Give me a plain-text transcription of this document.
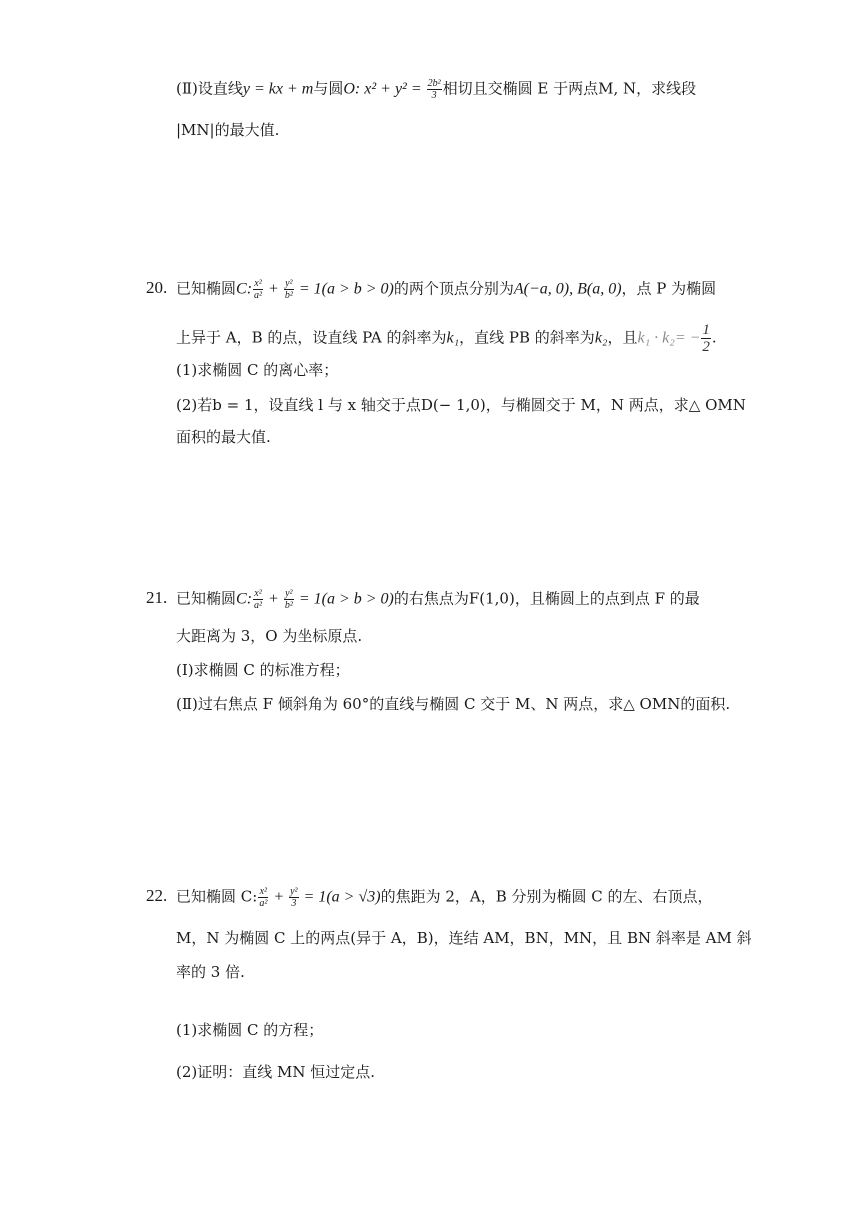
(Ⅱ)设直线y = kx + m与圆O: $x^2 + y^2 = \frac{\text{2b²}}{3}$ 相切且交椭圆 E 于两点M, N，求线段
|MN|的最大值.
20. 已知椭圆C: $\frac{\text{x²}}{\text{a²}} + \frac{\text{y²}}{\text{b²}} = 1(a > b > 0)$的两个顶点分别为A(−a, 0), B(a, 0)，点 P 为椭圆
上异于 A，B 的点，设直线 PA 的斜率为k₁，直线 PB 的斜率为k₂，且$k_1 \cdot k_2= - \frac{1}{2}$ .
(1)求椭圆 C 的离心率；
(2)若b = 1，设直线 l 与 x 轴交于点D(− 1,0)，与椭圆交于 M，N 两点，求△ OMN
面积的最大值.
21. 已知椭圆C: $\frac{\text{x²}}{\text{a²}} + \frac{\text{y²}}{\text{b²}} = 1(a > b > 0)$的右焦点为F(1,0)，且椭圆上的点到点 F 的最
大距离为 3，O 为坐标原点.
(Ⅰ)求椭圆 C 的标准方程；
(Ⅱ)过右焦点 F 倾斜角为 60°的直线与椭圆 C 交于 M、N 两点，求△ OMN的面积.
22. 已知椭圆 C: $\frac{\text{x²}}{\text{a²}} + \frac{\text{y²}}{3} = 1(a > √3)$的焦距为 2，A，B 分别为椭圆 C 的左、右顶点，
M，N 为椭圆 C 上的两点(异于 A，B)，连结 AM，BN，MN，且 BN 斜率是 AM 斜
率的 3 倍.
(1)求椭圆 C 的方程；
(2)证明：直线 MN 恒过定点.
